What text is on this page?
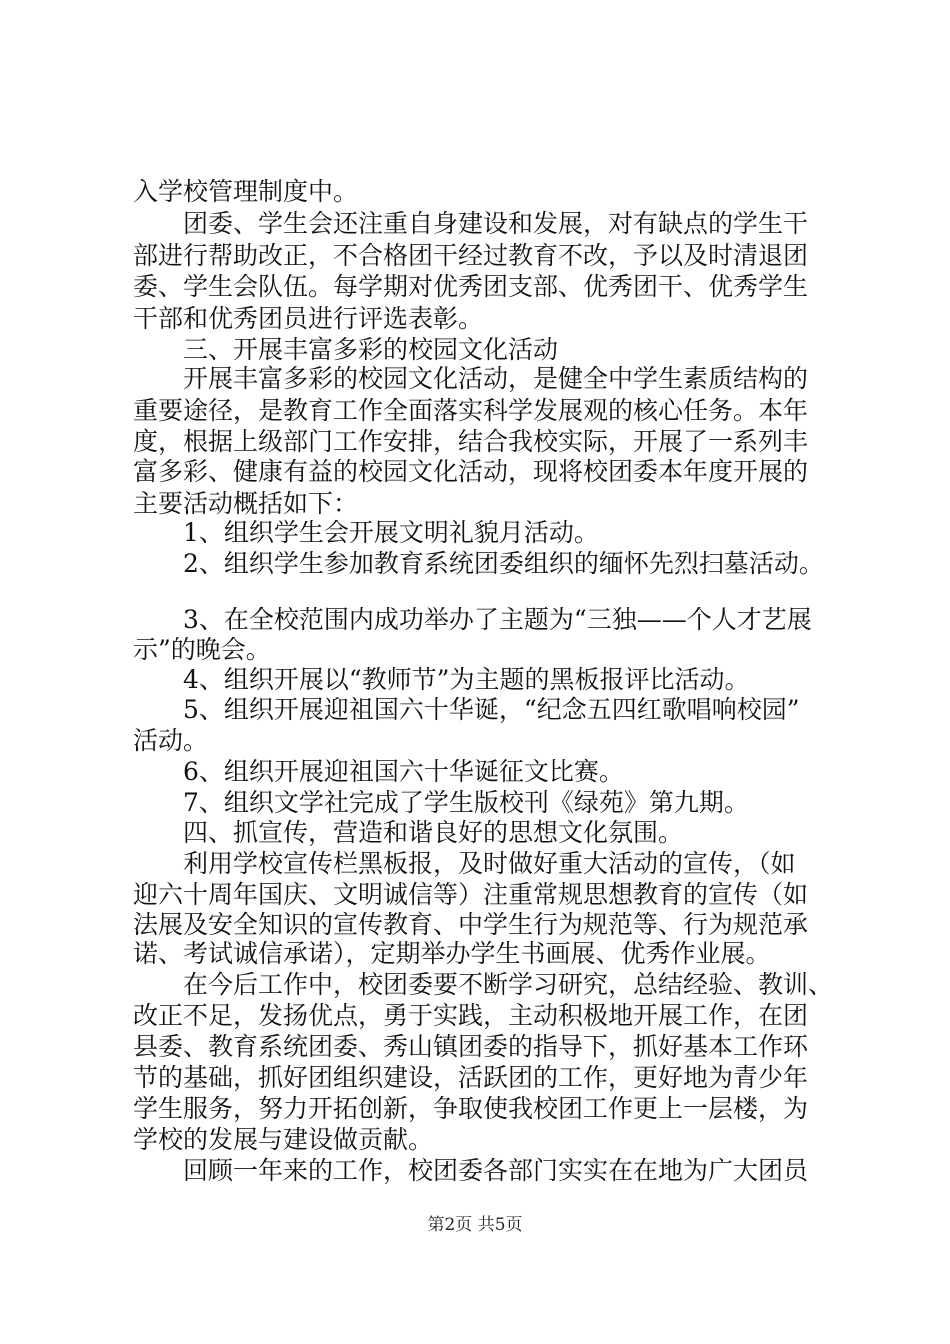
入学校管理制度中。
团委、学生会还注重自身建设和发展，对有缺点的学生干
部进行帮助改正，不合格团干经过教育不改，予以及时清退团
委、学生会队伍。每学期对优秀团支部、优秀团干、优秀学生
干部和优秀团员进行评选表彰。
三、开展丰富多彩的校园文化活动
开展丰富多彩的校园文化活动，是健全中学生素质结构的
重要途径，是教育工作全面落实科学发展观的核心任务。本年
度，根据上级部门工作安排，结合我校实际，开展了一系列丰
富多彩、健康有益的校园文化活动，现将校团委本年度开展的
主要活动概括如下：
1、组织学生会开展文明礼貌月活动。
2、组织学生参加教育系统团委组织的缅怀先烈扫墓活动。
3、在全校范围内成功举办了主题为“三独——个人才艺展
示”的晚会。
4、组织开展以“教师节”为主题的黑板报评比活动。
5、组织开展迎祖国六十华诞，“纪念五四红歌唱响校园”
活动。
6、组织开展迎祖国六十华诞征文比赛。
7、组织文学社完成了学生版校刊《绿苑》第九期。
四、抓宣传，营造和谐良好的思想文化氛围。
利用学校宣传栏黑板报，及时做好重大活动的宣传，（如
迎六十周年国庆、文明诚信等）注重常规思想教育的宣传（如
法展及安全知识的宣传教育、中学生行为规范等、行为规范承
诺、考试诚信承诺），定期举办学生书画展、优秀作业展。
在今后工作中，校团委要不断学习研究，总结经验、教训、
改正不足，发扬优点，勇于实践，主动积极地开展工作，在团
县委、教育系统团委、秀山镇团委的指导下，抓好基本工作环
节的基础，抓好团组织建设，活跃团的工作，更好地为青少年
学生服务，努力开拓创新，争取使我校团工作更上一层楼，为
学校的发展与建设做贡献。
回顾一年来的工作，校团委各部门实实在在地为广大团员
第2页 共5页
